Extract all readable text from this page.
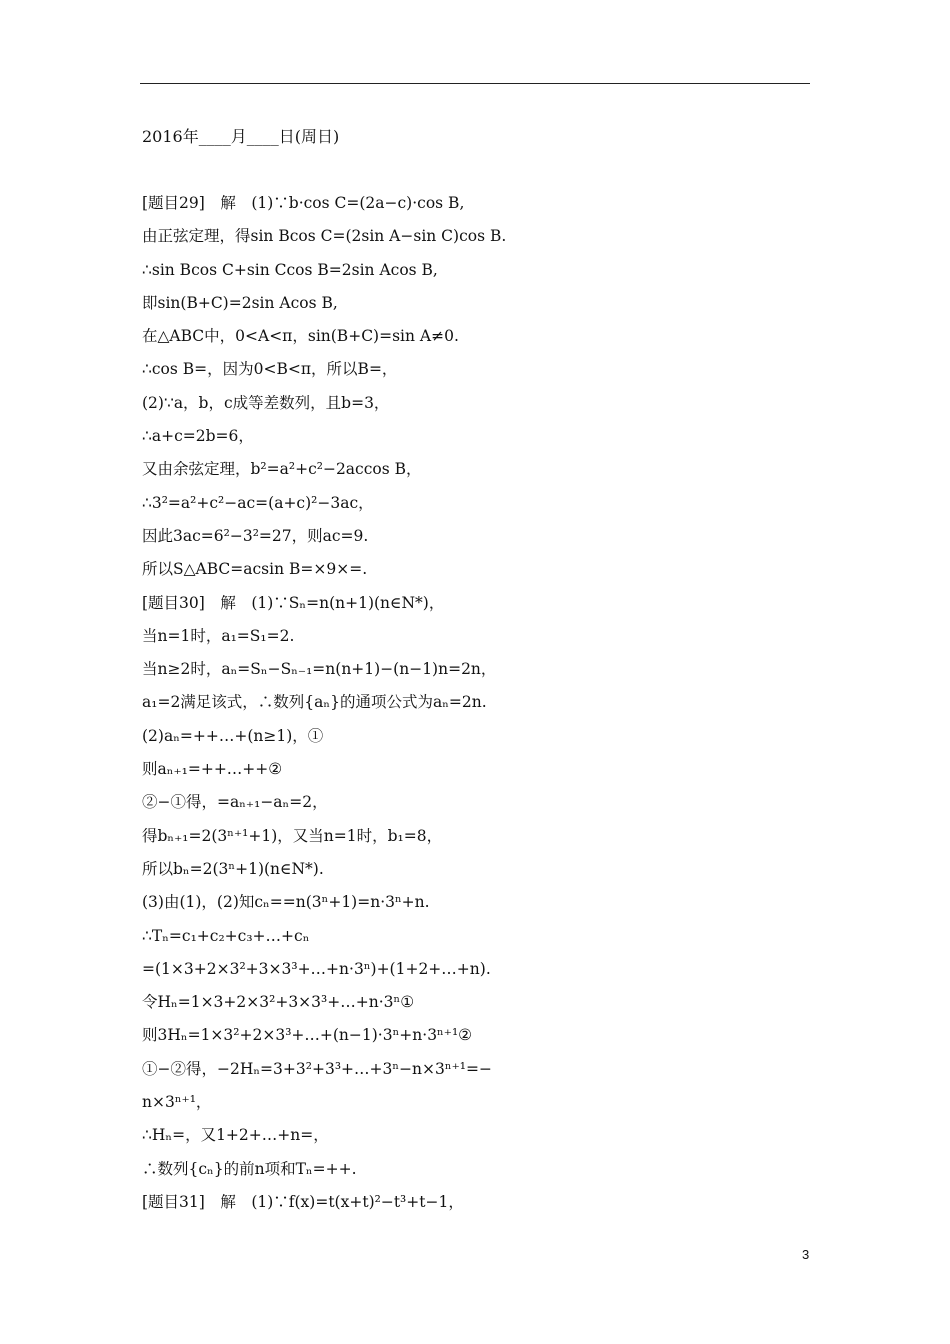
2016年____月____日(周日)
[题目29]　解　(1)∵b·cos C=(2a−c)·cos B,
由正弦定理，得sin Bcos C=(2sin A−sin C)cos B.
∴sin Bcos C+sin Ccos B=2sin Acos B,
即sin(B+C)=2sin Acos B,
在△ABC中，0<A<π，sin(B+C)=sin A≠0.
∴cos B=，因为0<B<π，所以B=，
(2)∵a，b，c成等差数列，且b=3，
∴a+c=2b=6，
又由余弦定理，b²=a²+c²−2accos B，
∴3²=a²+c²−ac=(a+c)²−3ac，
因此3ac=6²−3²=27，则ac=9.
所以S△ABC=acsin B=×9×=.
[题目30]　解　(1)∵Sₙ=n(n+1)(n∈N*)，
当n=1时，a₁=S₁=2.
当n≥2时，aₙ=Sₙ−Sₙ₋₁=n(n+1)−(n−1)n=2n，
a₁=2满足该式，∴数列{aₙ}的通项公式为aₙ=2n.
(2)aₙ=++…+(n≥1)，①
则aₙ₊₁=++…++②
②−①得，=aₙ₊₁−aₙ=2，
得bₙ₊₁=2(3ⁿ⁺¹+1)，又当n=1时，b₁=8，
所以bₙ=2(3ⁿ+1)(n∈N*).
(3)由(1)，(2)知cₙ==n(3ⁿ+1)=n·3ⁿ+n.
∴Tₙ=c₁+c₂+c₃+…+cₙ
=(1×3+2×3²+3×3³+…+n·3ⁿ)+(1+2+…+n).
令Hₙ=1×3+2×3²+3×3³+…+n·3ⁿ①
则3Hₙ=1×3²+2×3³+…+(n−1)·3ⁿ+n·3ⁿ⁺¹②
①−②得，−2Hₙ=3+3²+3³+…+3ⁿ−n×3ⁿ⁺¹=−
n×3ⁿ⁺¹，
∴Hₙ=，又1+2+…+n=，
∴数列{cₙ}的前n项和Tₙ=++.
[题目31]　解　(1)∵f(x)=t(x+t)²−t³+t−1，
3
